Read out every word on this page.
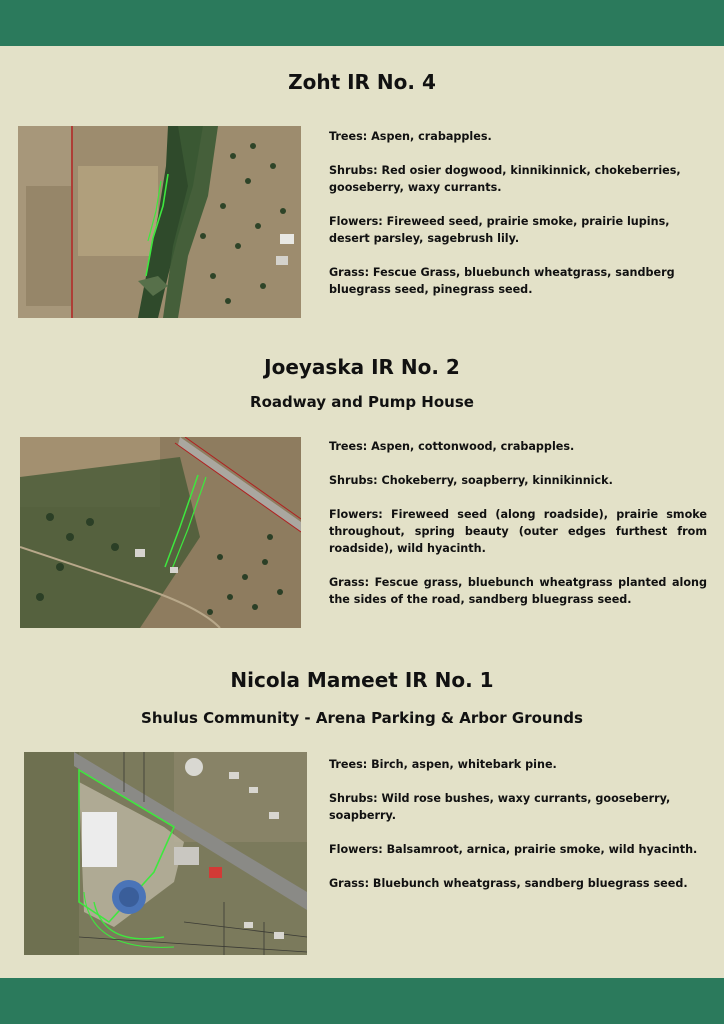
Zoht IR No. 4

Trees: Aspen, crabapples.

Shrubs: Red osier dogwood, kinnikinnick, chokeberries, gooseberry, waxy currants.

Flowers: Fireweed seed, prairie smoke, prairie lupins, desert parsley, sagebrush lily.

Grass: Fescue Grass, bluebunch wheatgrass, sandberg bluegrass seed, pinegrass seed.

Joeyaska IR No. 2
Roadway and Pump House

Trees: Aspen, cottonwood, crabapples.

Shrubs: Chokeberry, soapberry, kinnikinnick.

Flowers: Fireweed seed (along roadside), prairie smoke throughout, spring beauty (outer edges furthest from roadside), wild hyacinth.

Grass: Fescue grass, bluebunch wheatgrass planted along the sides of the road, sandberg bluegrass seed.

Nicola Mameet IR No. 1
Shulus Community - Arena Parking & Arbor Grounds

Trees: Birch, aspen, whitebark pine.

Shrubs: Wild rose bushes, waxy currants, gooseberry, soapberry.

Flowers: Balsamroot, arnica, prairie smoke, wild hyacinth.

Grass: Bluebunch wheatgrass, sandberg bluegrass seed.
